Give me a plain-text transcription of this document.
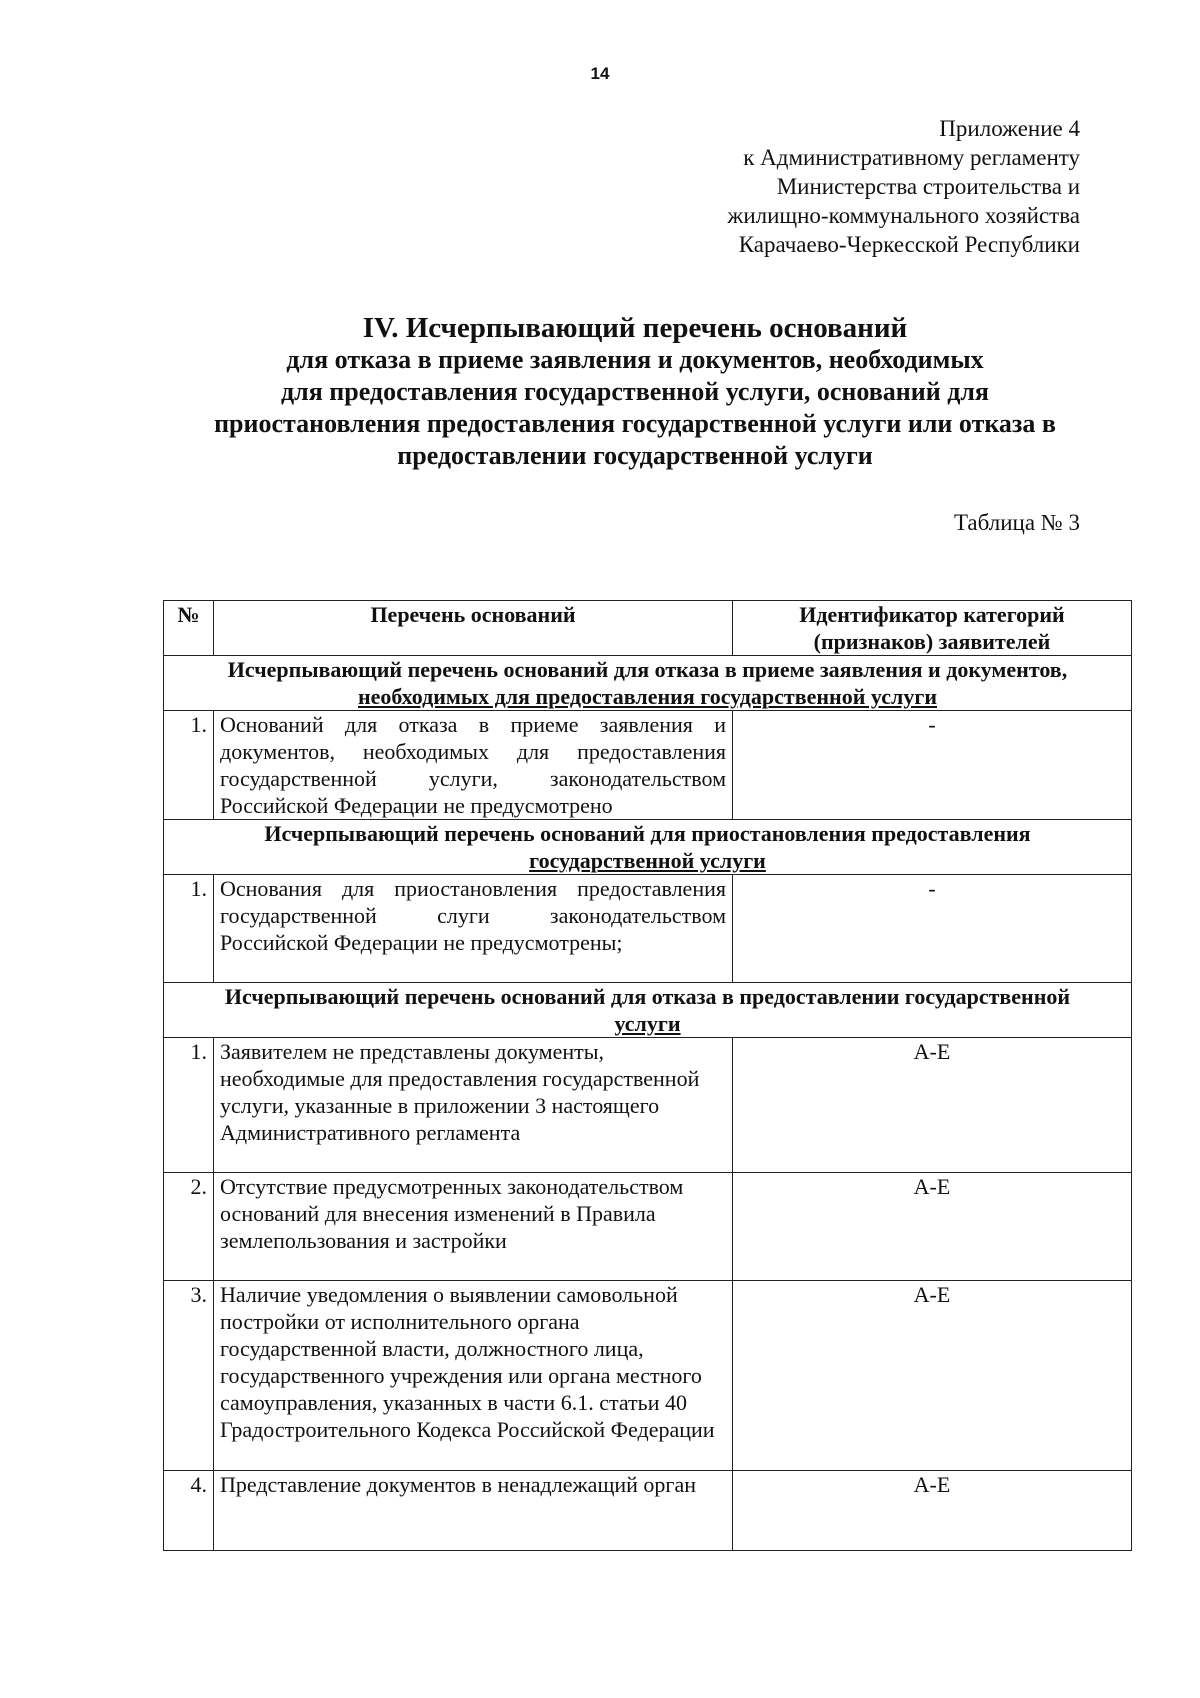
14
Приложение 4
к Административному регламенту
Министерства строительства и
жилищно-коммунального хозяйства
Карачаево-Черкесской Республики
IV. Исчерпывающий перечень оснований
для отказа в приеме заявления и документов, необходимых
для предоставления государственной услуги, оснований для
приостановления предоставления государственной услуги или отказа в
предоставлении государственной услуги
Таблица № 3
№	Перечень оснований	Идентификатор категорий (признаков) заявителей

Исчерпывающий перечень оснований для отказа в приеме заявления и документов,
необходимых для предоставления государственной услуги		

1.	Оснований для отказа в приеме заявления и документов, необходимых для предоставления государственной услуги, законодательством Российской Федерации не предусмотрено	-

Исчерпывающий перечень оснований для приостановления предоставления
государственной услуги		

1.	Основания для приостановления предоставления государственной слуги законодательством Российской Федерации не предусмотрены;	-

Исчерпывающий перечень оснований для отказа в предоставлении государственной
услуги		

1.	Заявителем не представлены документы, необходимые для предоставления государственной услуги, указанные в приложении 3 настоящего Административного регламента	А-Е
2.	Отсутствие предусмотренных законодательством оснований для внесения изменений в Правила землепользования и застройки	А-Е
3.	Наличие уведомления о выявлении самовольной постройки от исполнительного органа государственной власти, должностного лица, государственного учреждения или органа местного самоуправления, указанных в части 6.1. статьи 40 Градостроительного Кодекса Российской Федерации	А-Е
4.	Представление документов в ненадлежащий орган	А-Е
